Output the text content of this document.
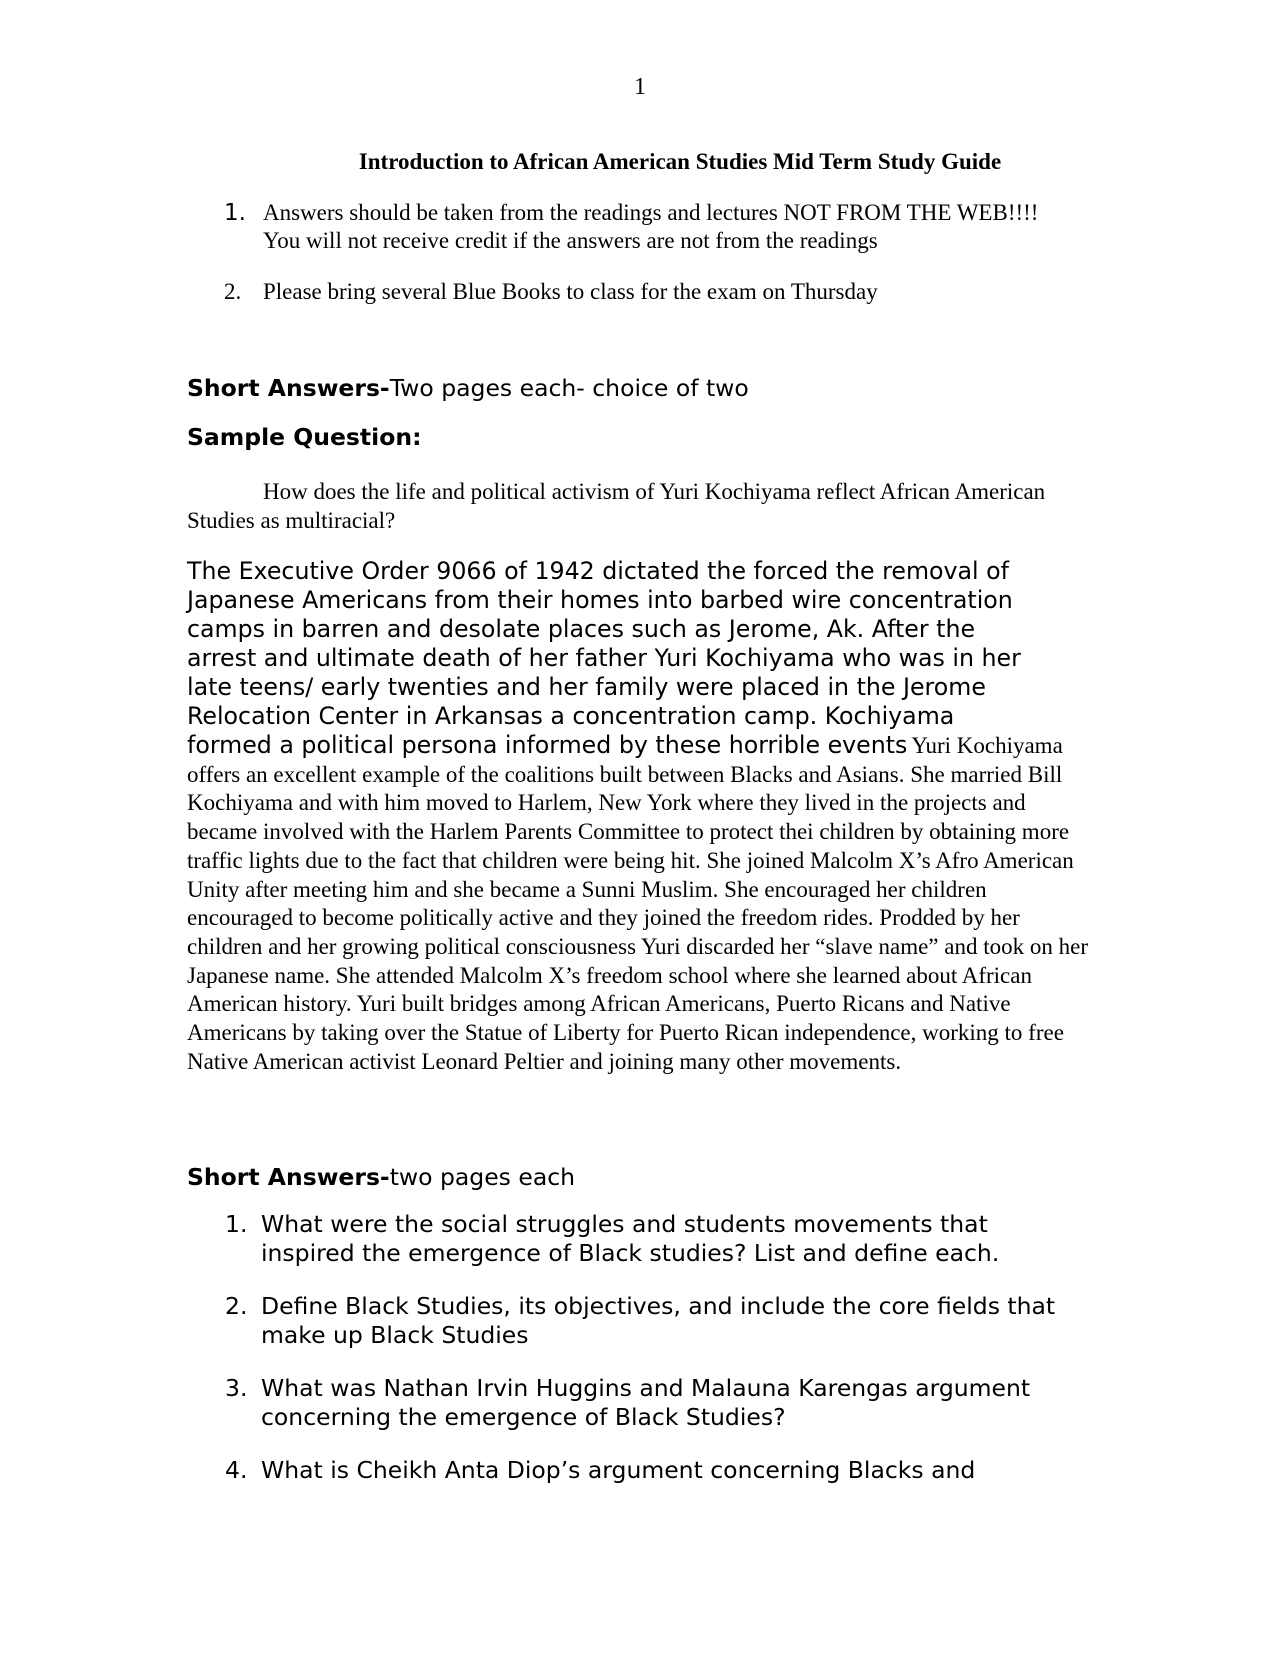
1
Introduction to African American Studies Mid Term Study Guide
1. Answers should be taken from the readings and lectures NOT FROM THE WEB!!!! You will not receive credit if the answers are not from the readings
2. Please bring several Blue Books to class for the exam on Thursday
Short Answers-Two pages each- choice of two
Sample Question:
How does the life and political activism of Yuri Kochiyama reflect African American Studies as multiracial?

The Executive Order 9066 of 1942 dictated the forced the removal of
Japanese Americans from their homes into barbed wire concentration
camps in barren and desolate places such as Jerome, Ak. After the
arrest and ultimate death of her father Yuri Kochiyama who was in her
late teens/ early twenties and her family were placed in the Jerome
Relocation Center in Arkansas a concentration camp. Kochiyama
formed a political persona informed by these horrible events Yuri Kochiyama offers an excellent example of the coalitions built between Blacks and Asians. She married Bill Kochiyama and with him moved to Harlem, New York where they lived in the projects and became involved with the Harlem Parents Committee to protect thei children by obtaining more traffic lights due to the fact that children were being hit. She joined Malcolm X’s Afro American Unity after meeting him and she became a Sunni Muslim. She encouraged her children encouraged to become politically active and they joined the freedom rides. Prodded by her children and her growing political consciousness Yuri discarded her “slave name” and took on her Japanese name. She attended Malcolm X’s freedom school where she learned about African American history. Yuri built bridges among African Americans, Puerto Ricans and Native Americans by taking over the Statue of Liberty for Puerto Rican independence, working to free Native American activist Leonard Peltier and joining many other movements.

Short Answers-two pages each
1. What were the social struggles and students movements that inspired the emergence of Black studies? List and define each.
2. Define Black Studies, its objectives, and include the core fields that make up Black Studies
3. What was Nathan Irvin Huggins and Malauna Karengas argument concerning the emergence of Black Studies?
4. What is Cheikh Anta Diop’s argument concerning Blacks and
